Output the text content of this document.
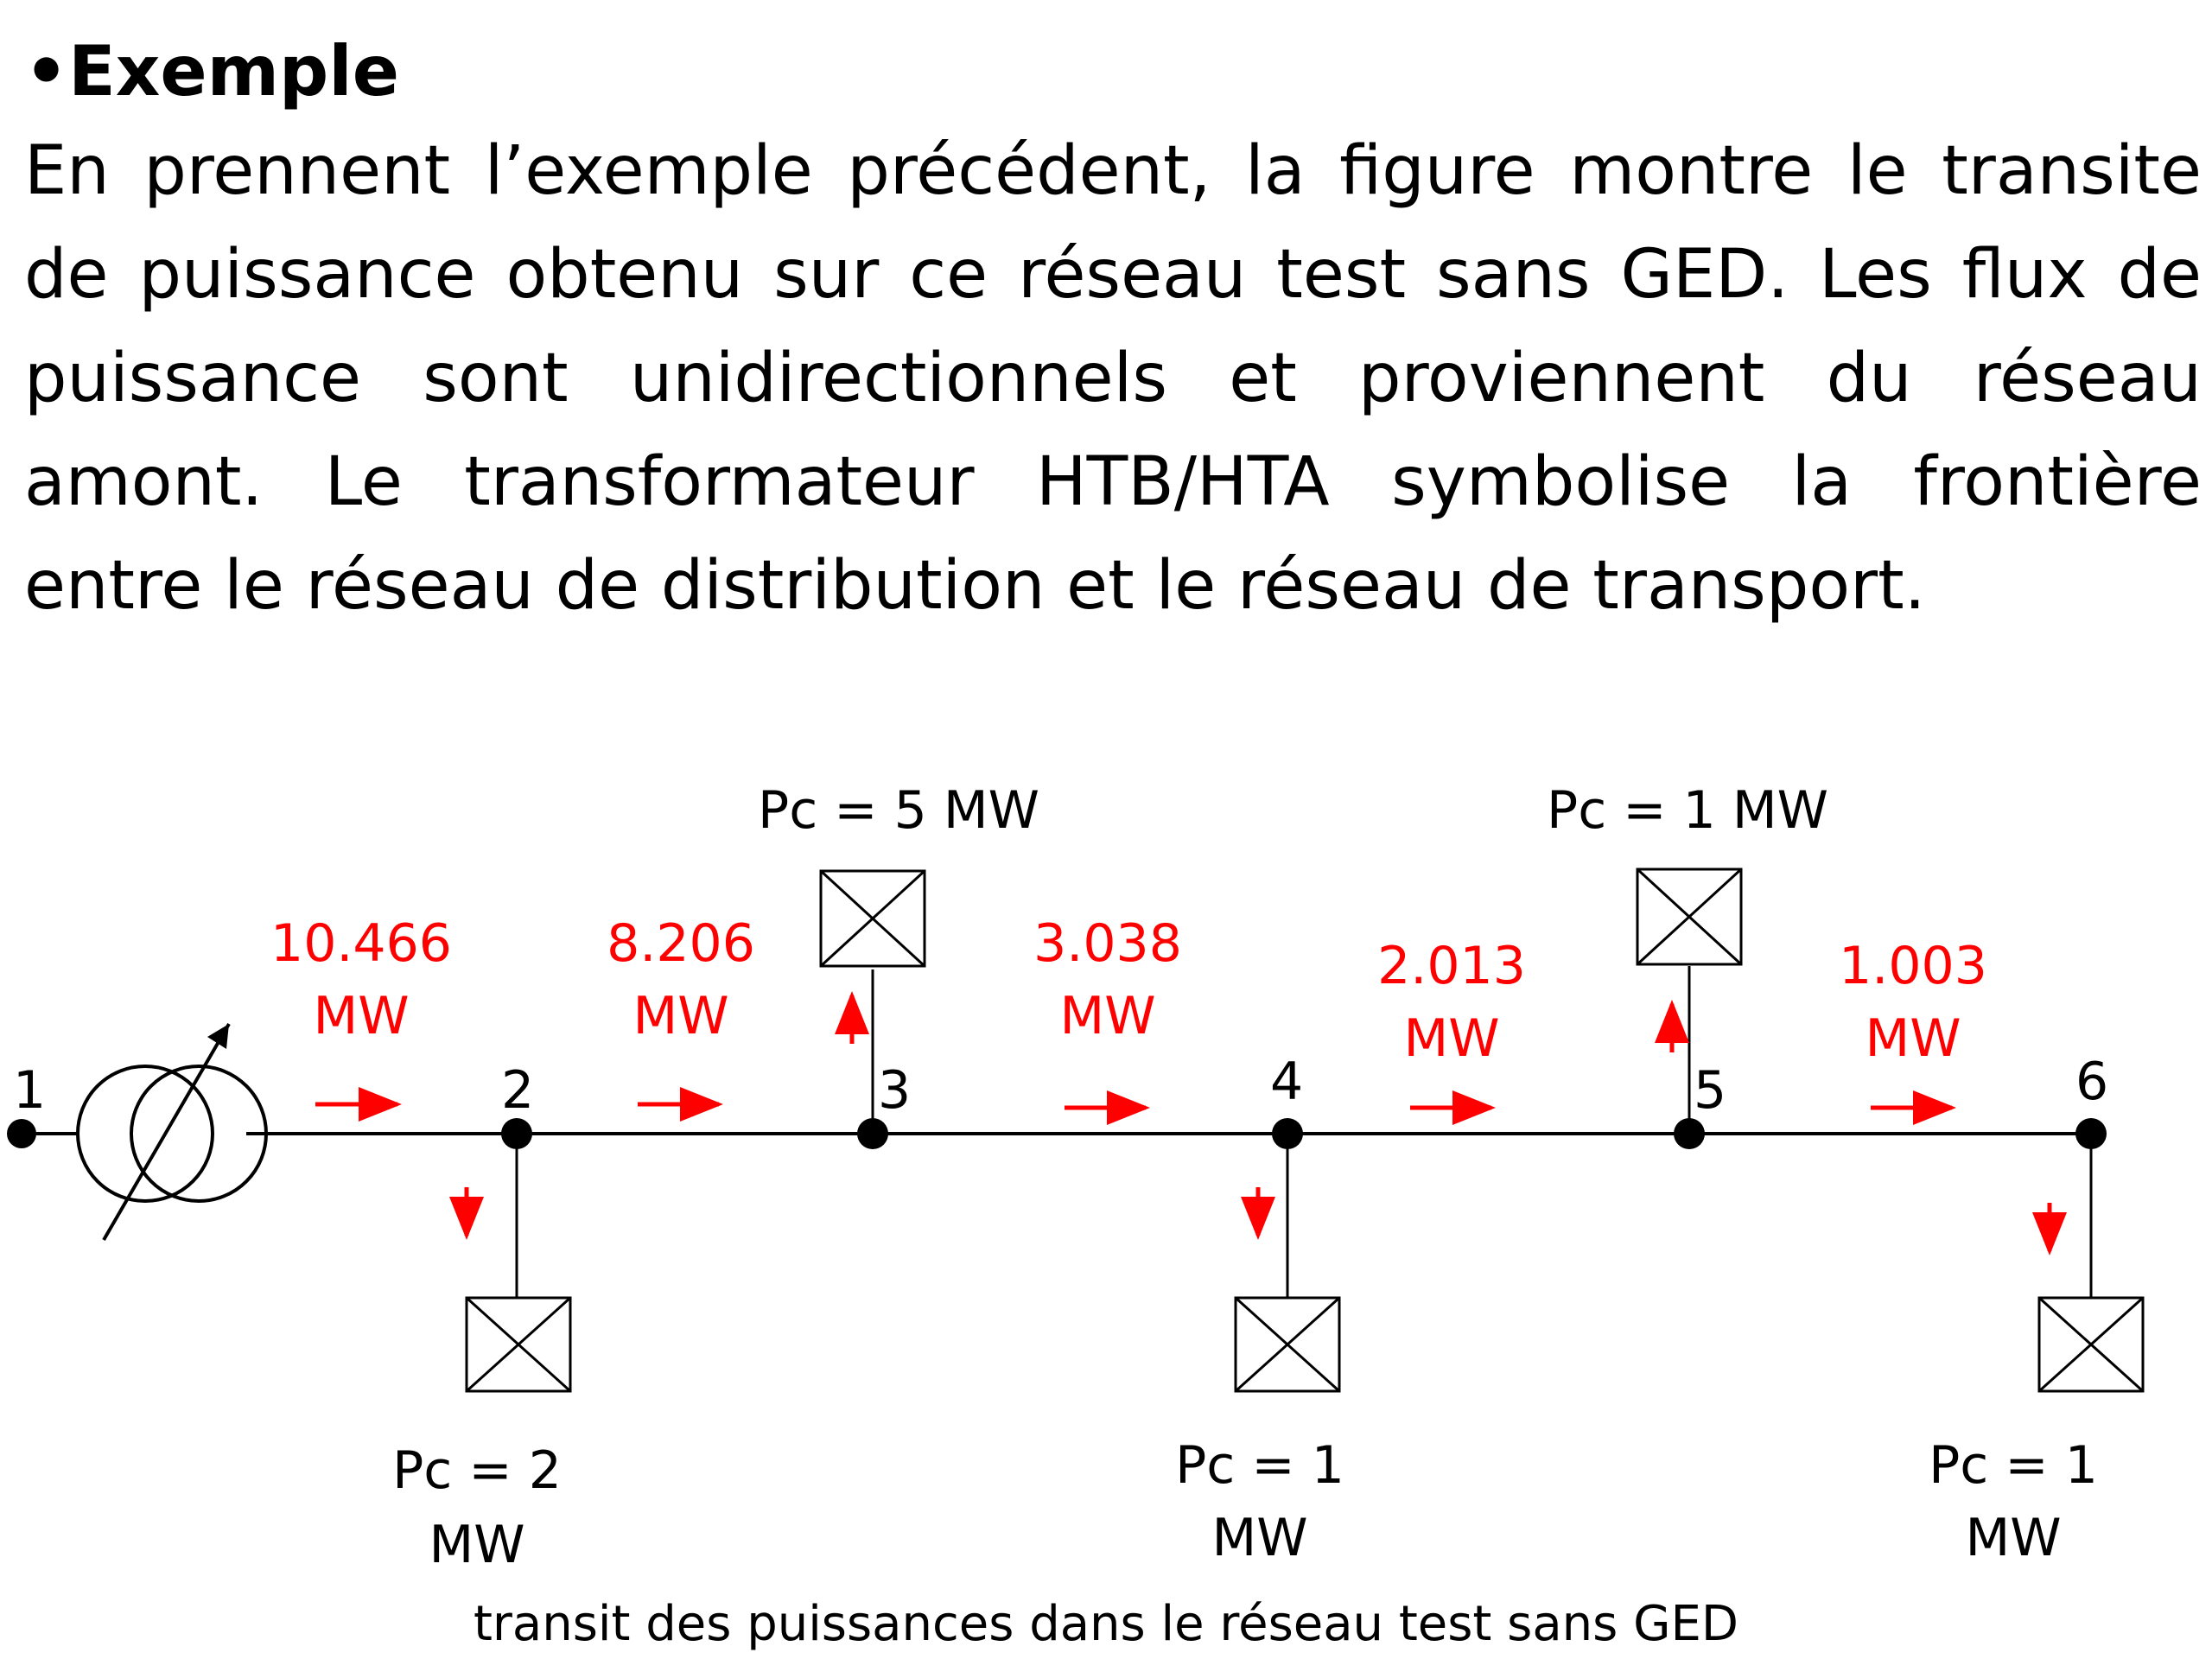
•Exemple

En prennent l’exemple précédent, la figure montre le transite
de puissance obtenu sur ce réseau test sans GED. Les flux de
puissance sont unidirectionnels et proviennent du réseau
amont. Le transformateur HTB/HTA symbolise la frontière
entre le réseau de distribution et le réseau de transport.

1	2	3	4	5	6
10.466
MW
8.206
MW
3.038
MW
2.013
MW
1.003
MW
Pc = 2
MW
Pc = 5 MW
Pc = 1
MW
Pc = 1 MW
Pc = 1
MW
transit des puissances dans le réseau test sans GED
